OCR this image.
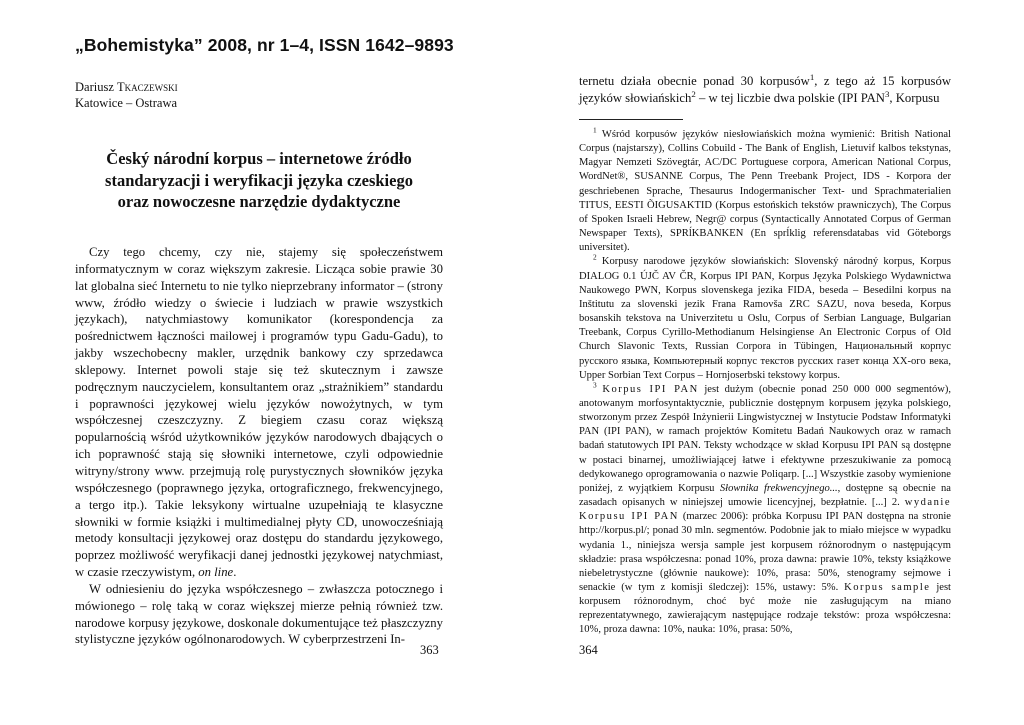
„Bohemistyka” 2008, nr 1–4, ISSN 1642–9893
Dariusz Tkaczewski
Katowice – Ostrawa
Český národní korpus – internetowe źródło
standaryzacji i weryfikacji języka czeskiego
oraz nowoczesne narzędzie dydaktyczne

Czy tego chcemy, czy nie, stajemy się społeczeństwem informatycznym w coraz większym zakresie. Licząca sobie prawie 30 lat globalna sieć Internetu to nie tylko nieprzebrany informator – (strony www, źródło wiedzy o świecie i ludziach w prawie wszystkich językach), natychmiastowy komunikator (korespondencja za pośrednictwem łączności mailowej i programów typu Gadu-Gadu), to jakby wszechobecny makler, urzędnik bankowy czy sprzedawca sklepowy. Internet powoli staje się też skutecznym i zawsze podręcznym nauczycielem, konsultantem oraz „strażnikiem” standardu i poprawności językowej wielu języków nowożytnych, w tym współczesnej czeszczyzny. Z biegiem czasu coraz większą popularnością wśród użytkowników języków narodowych dbających o ich poprawność stają się słowniki internetowe, czyli odpowiednie witryny/strony www. przejmują rolę purystycznych słowników języka współczesnego (poprawnego języka, ortograficznego, frekwencyjnego, a tergo itp.). Takie leksykony wirtualne uzupełniają te klasyczne słowniki w formie książki i multimedialnej płyty CD, unowocześniają metody konsultacji językowej oraz dostępu do standardu językowego, poprzez możliwość weryfikacji danej jednostki językowej natychmiast, w czasie rzeczywistym, on line.

W odniesieniu do języka współczesnego – zwłaszcza potocznego i mówionego – rolę taką w coraz większej mierze pełnią również tzw. narodowe korpusy językowe, doskonale dokumentujące też płaszczyzny stylistyczne języków ogólnonarodowych. W cyberprzestrzeni In-

363
ternetu działa obecnie ponad 30 korpusów$^1$, z tego aż 15 korpusów języków słowiańskich$^2$ – w tej liczbie dwa polskie (IPI PAN$^3$, Korpusu

$^1$ Wśród korpusów języków niesłowiańskich można wymienić: British National Corpus (najstarszy), Collins Cobuild - The Bank of English, Lietuvif kalbos tekstynas, Magyar Nemzeti Szövegtár, AC/DC Portuguese corpora, American National Corpus, WordNet®, SUSANNE Corpus, The Penn Treebank Project, IDS - Korpora der geschriebenen Sprache, Thesaurus Indogermanischer Text- und Sprachmaterialien TITUS, EESTI ÕIGUSAKTID (Korpus estońskich tekstów prawniczych), The Corpus of Spoken Israeli Hebrew, Negr@ corpus (Syntactically Annotated Corpus of German Newspaper Texts), SPRĺKBANKEN (En sprĺklig referensdatabas vid Göteborgs universitet).

$^2$ Korpusy narodowe języków słowiańskich: Slovenský národný korpus, Korpus DIALOG 0.1 ÚJČ AV ČR, Korpus IPI PAN, Korpus Języka Polskiego Wydawnictwa Naukowego PWN, Korpus slovenskega jezika FIDA, beseda – Besedilni korpus na Inštitutu za slovenski jezik Frana Ramovša ZRC SAZU, nova beseda, Korpus bosanskih tekstova na Univerzitetu u Oslu, Corpus of Serbian Language, Bulgarian Treebank, Corpus Cyrillo-Methodianum Helsingiense An Electronic Corpus of Old Church Slavonic Texts, Russian Corpora in Tübingen, Национальный корпус русского языка, Компьютерный корпус текстов русских газет конца XX-ого века, Upper Sorbian Text Corpus – Hornjoserbski tekstowy korpus.

$^3$ Korpus IPI PAN jest dużym (obecnie ponad 250 000 000 segmentów), anotowanym morfosyntaktycznie, publicznie dostępnym korpusem języka polskiego, stworzonym przez Zespół Inżynierii Lingwistycznej w Instytucie Podstaw Informatyki PAN (IPI PAN), w ramach projektów Komitetu Badań Naukowych oraz w ramach badań statutowych IPI PAN. Teksty wchodzące w skład Korpusu IPI PAN są dostępne w postaci binarnej, umożliwiającej łatwe i efektywne przeszukiwanie za pomocą dedykowanego oprogramowania o nazwie Poliqarp. [...] Wszystkie zasoby wymienione poniżej, z wyjątkiem Korpusu Słownika frekwencyjnego..., dostępne są obecnie na zasadach opisanych w niniejszej umowie licencyjnej, bezpłatnie. [...] 2. wydanie Korpusu IPI PAN (marzec 2006): próbka Korpusu IPI PAN dostępna na stronie http://korpus.pl/; ponad 30 mln. segmentów. Podobnie jak to miało miejsce w wypadku wydania 1., niniejsza wersja sample jest korpusem różnorodnym o następującym składzie: prasa współczesna: ponad 10%, proza dawna: prawie 10%, teksty książkowe niebeletrystyczne (głównie naukowe): 10%, prasa: 50%, stenogramy sejmowe i senackie (w tym z komisji śledczej): 15%, ustawy: 5%. Korpus sample jest korpusem różnorodnym, choć być może nie zasługującym na miano reprezentatywnego, zawierającym następujące rodzaje tekstów: proza współczesna: 10%, proza dawna: 10%, nauka: 10%, prasa: 50%,

364
